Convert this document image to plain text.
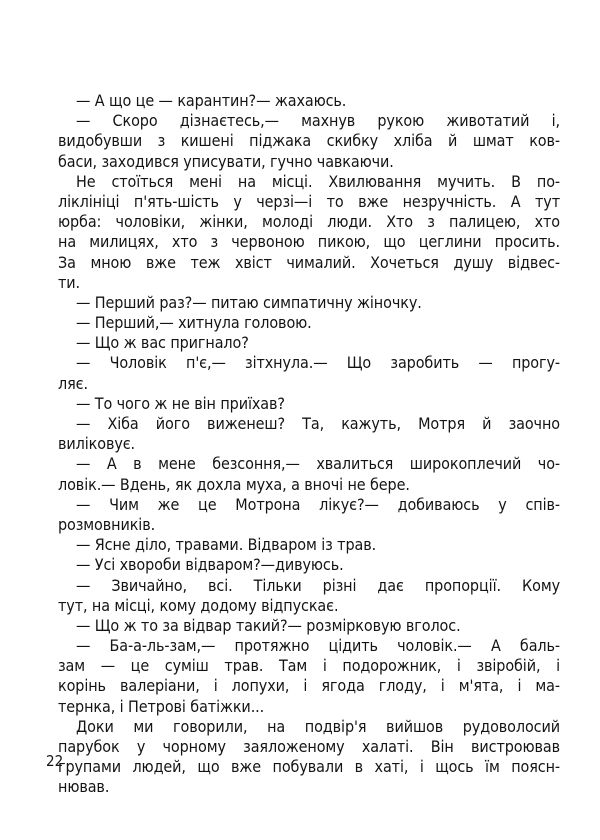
— А що це — карантин?— жахаюсь.
— Скоро дізнаєтесь,— махнув рукою животатий і,
видобувши з кишені піджака скибку хліба й шмат ков-
баси, заходився уписувати, гучно чавкаючи.
Не стоїться мені на місці. Хвилювання мучить. В по-
ліклініці п'ять-шість у черзі—і то вже незручність. А тут
юрба: чоловіки, жінки, молоді люди. Хто з палицею, хто
на милицях, хто з червоною пикою, що цеглини просить.
За мною вже теж хвіст чималий. Хочеться душу відвес-
ти.
— Перший раз?— питаю симпатичну жіночку.
— Перший,— хитнула головою.
— Що ж вас пригнало?
— Чоловік п'є,— зітхнула.— Що заробить — прогу-
ляє.
— То чого ж не він приїхав?
— Хіба його виженеш? Та, кажуть, Мотря й заочно
виліковує.
— А в мене безсоння,— хвалиться широкоплечий чо-
ловік.— Вдень, як дохла муха, а вночі не бере.
— Чим же це Мотрона лікує?— добиваюсь у спів-
розмовників.
— Ясне діло, травами. Відваром із трав.
— Усі хвороби відваром?—дивуюсь.
— Звичайно, всі. Тільки різні дає пропорції. Кому
тут, на місці, кому додому відпускає.
— Що ж то за відвар такий?— розмірковую вголос.
— Ба-а-ль-зам,— протяжно цідить чоловік.— А баль-
зам — це суміш трав. Там і подорожник, і звіробій, і
корінь валеріани, і лопухи, і ягода глоду, і м'ята, і ма-
тернка, і Петрові батіжки...
Доки ми говорили, на подвір'я вийшов рудоволосий
парубок у чорному заяложеному халаті. Він вистроював
групами людей, що вже побували в хаті, і щось їм поясн-
нював.
22
